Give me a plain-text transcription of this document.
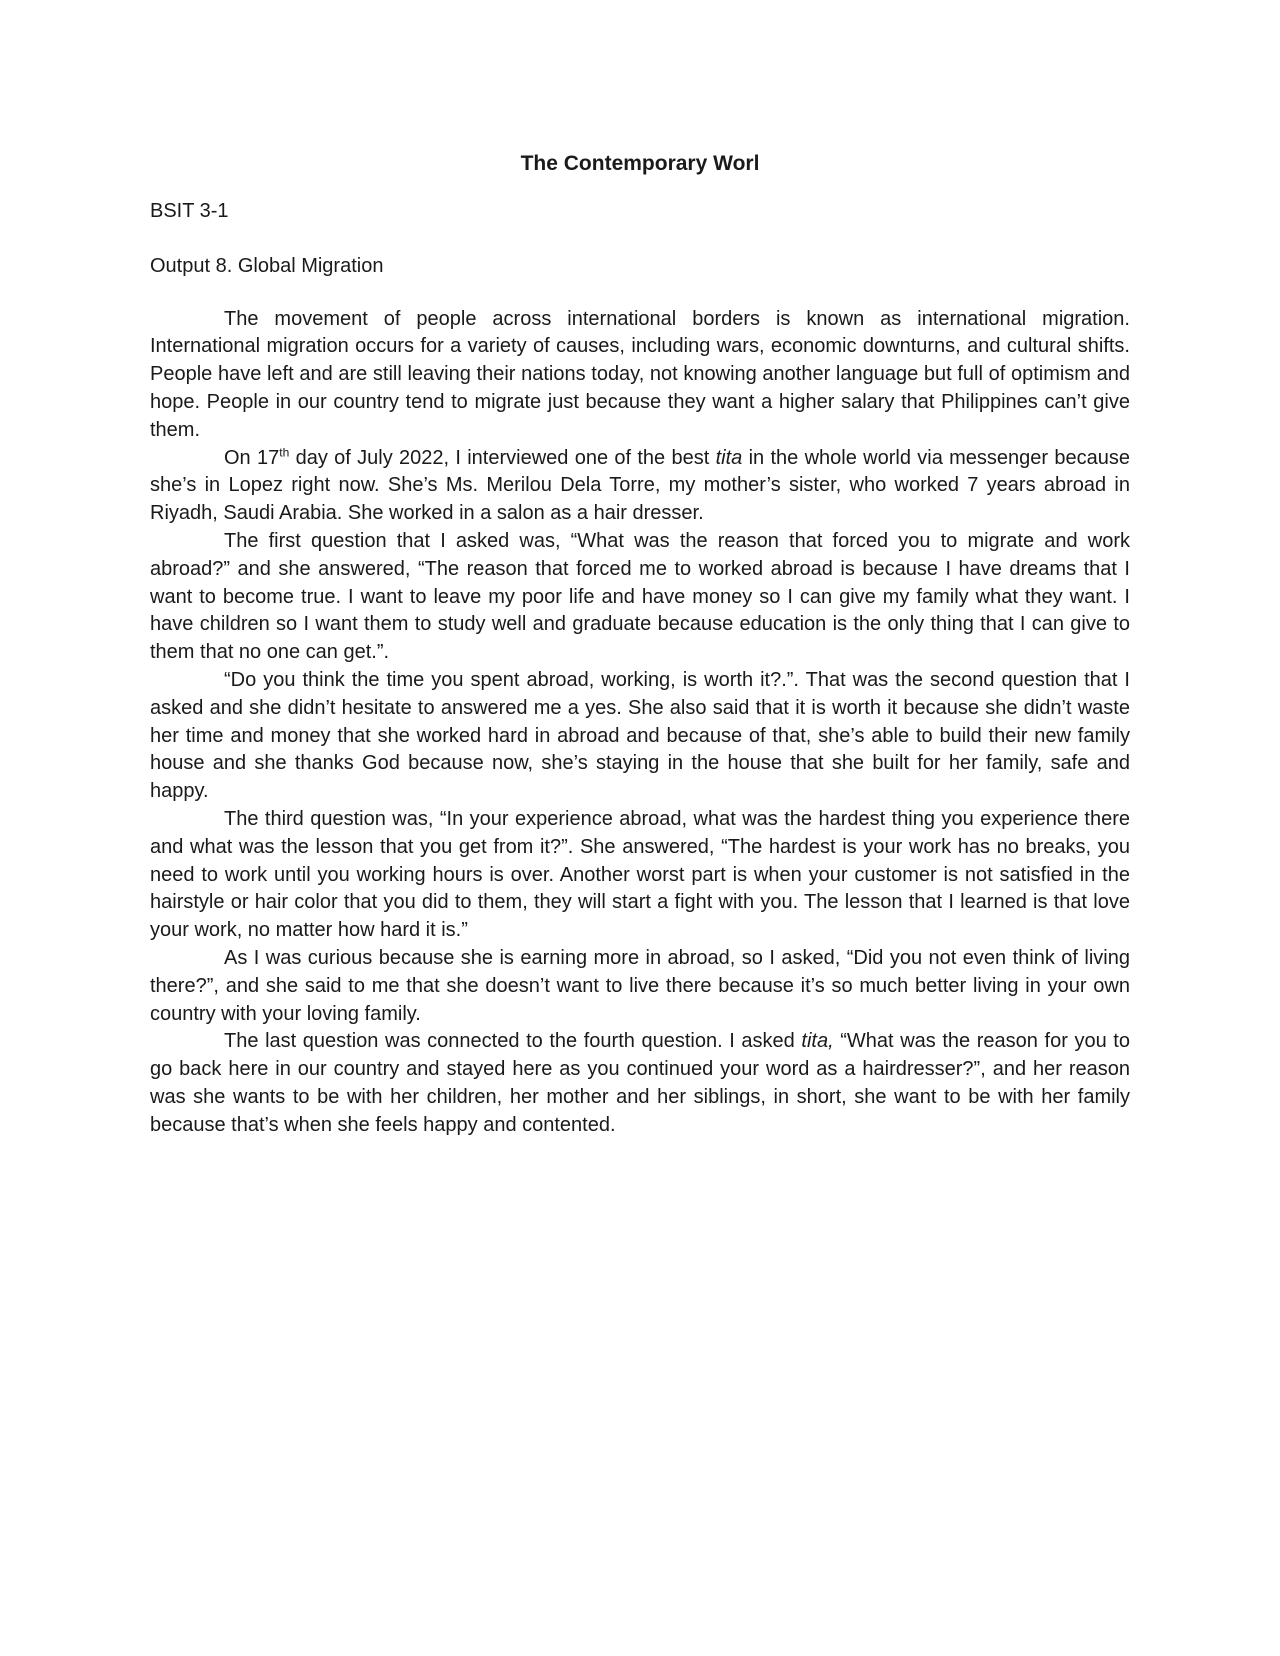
The Contemporary Worl
BSIT 3-1
Output 8. Global Migration

The movement of people across international borders is known as international migration. International migration occurs for a variety of causes, including wars, economic downturns, and cultural shifts. People have left and are still leaving their nations today, not knowing another language but full of optimism and hope. People in our country tend to migrate just because they want a higher salary that Philippines can’t give them.

On 17th day of July 2022, I interviewed one of the best tita in the whole world via messenger because she’s in Lopez right now. She’s Ms. Merilou Dela Torre, my mother’s sister, who worked 7 years abroad in Riyadh, Saudi Arabia. She worked in a salon as a hair dresser.

The first question that I asked was, “What was the reason that forced you to migrate and work abroad?” and she answered, “The reason that forced me to worked abroad is because I have dreams that I want to become true. I want to leave my poor life and have money so I can give my family what they want. I have children so I want them to study well and graduate because education is the only thing that I can give to them that no one can get.”.

“Do you think the time you spent abroad, working, is worth it?.”. That was the second question that I asked and she didn’t hesitate to answered me a yes. She also said that it is worth it because she didn’t waste her time and money that she worked hard in abroad and because of that, she’s able to build their new family house and she thanks God because now, she’s staying in the house that she built for her family, safe and happy.

The third question was, “In your experience abroad, what was the hardest thing you experience there and what was the lesson that you get from it?”. She answered, “The hardest is your work has no breaks, you need to work until you working hours is over. Another worst part is when your customer is not satisfied in the hairstyle or hair color that you did to them, they will start a fight with you. The lesson that I learned is that love your work, no matter how hard it is.”

As I was curious because she is earning more in abroad, so I asked, “Did you not even think of living there?”, and she said to me that she doesn’t want to live there because it’s so much better living in your own country with your loving family.

The last question was connected to the fourth question. I asked tita, “What was the reason for you to go back here in our country and stayed here as you continued your word as a hairdresser?”, and her reason was she wants to be with her children, her mother and her siblings, in short, she want to be with her family because that’s when she feels happy and contented.
